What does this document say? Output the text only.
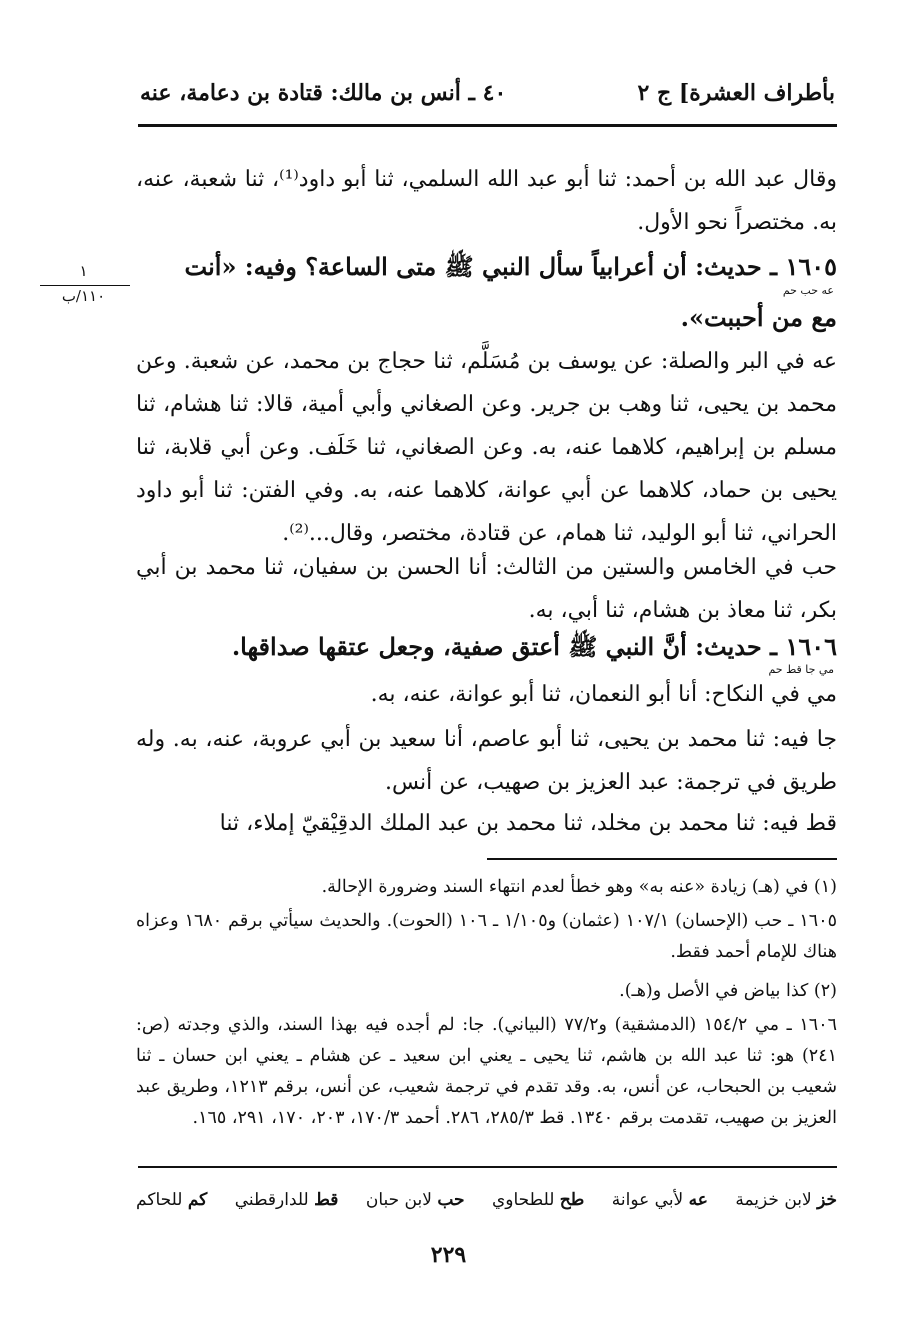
بأطراف العشرة] ج ٢
٤٠ ـ أنس بن مالك: قتادة بن دعامة، عنه
وقال عبد الله بن أحمد: ثنا أبو عبد الله السلمي، ثنا أبو داود⁽¹⁾، ثنا شعبة، عنه، به. مختصراً نحو الأول.
١٦٠٥ ـ حديث: أن أعرابياً سأل النبي ﷺ متى الساعة؟ وفيه: «أنت
عه حب حم
مع من أحببت».
١
١١٠/ب
عه في البر والصلة: عن يوسف بن مُسَلَّم، ثنا حجاج بن محمد، عن شعبة. وعن محمد بن يحيى، ثنا وهب بن جرير. وعن الصغاني وأبي أمية، قالا: ثنا هشام، ثنا مسلم بن إبراهيم، كلاهما عنه، به. وعن الصغاني، ثنا خَلَف. وعن أبي قلابة، ثنا يحيى بن حماد، كلاهما عن أبي عوانة، كلاهما عنه، به. وفي الفتن: ثنا أبو داود الحراني، ثنا أبو الوليد، ثنا همام، عن قتادة، مختصر، وقال...⁽²⁾.
حب في الخامس والستين من الثالث: أنا الحسن بن سفيان، ثنا محمد بن أبي بكر، ثنا معاذ بن هشام، ثنا أبي، به.
١٦٠٦ ـ حديث: أنَّ النبي ﷺ أعتق صفية، وجعل عتقها صداقها.
مي جا قط حم
مي في النكاح: أنا أبو النعمان، ثنا أبو عوانة، عنه، به.
جا فيه: ثنا محمد بن يحيى، ثنا أبو عاصم، أنا سعيد بن أبي عروبة، عنه، به. وله طريق في ترجمة: عبد العزيز بن صهيب، عن أنس.
قط فيه: ثنا محمد بن مخلد، ثنا محمد بن عبد الملك الدقِيْقيّ إملاء، ثنا
(١) في (هـ) زيادة «عنه به» وهو خطأ لعدم انتهاء السند وضرورة الإحالة.
١٦٠٥ ـ حب (الإحسان) ١٠٧/١ (عثمان) و١/١٠٥ ـ ١٠٦ (الحوت). والحديث سيأتي برقم ١٦٨٠ وعزاه هناك للإمام أحمد فقط.
(٢) كذا بياض في الأصل و(هـ).
١٦٠٦ ـ مي ١٥٤/٢ (الدمشقية) و٧٧/٢ (البياني). جا: لم أجده فيه بهذا السند، والذي وجدته (ص: ٢٤١) هو: ثنا عبد الله بن هاشم، ثنا يحيى ـ يعني ابن سعيد ـ عن هشام ـ يعني ابن حسان ـ ثنا شعيب بن الحبحاب، عن أنس، به. وقد تقدم في ترجمة شعيب، عن أنس، برقم ١٢١٣، وطريق عبد العزيز بن صهيب، تقدمت برقم ١٣٤٠. قط ٢٨٥/٣، ٢٨٦. أحمد ١٧٠/٣، ٢٠٣، ١٧٠، ٢٩١، ١٦٥.
خز لابن خزيمة
عه لأبي عوانة
طح للطحاوي
حب لابن حبان
قط للدارقطني
كم للحاكم
٢٢٩
